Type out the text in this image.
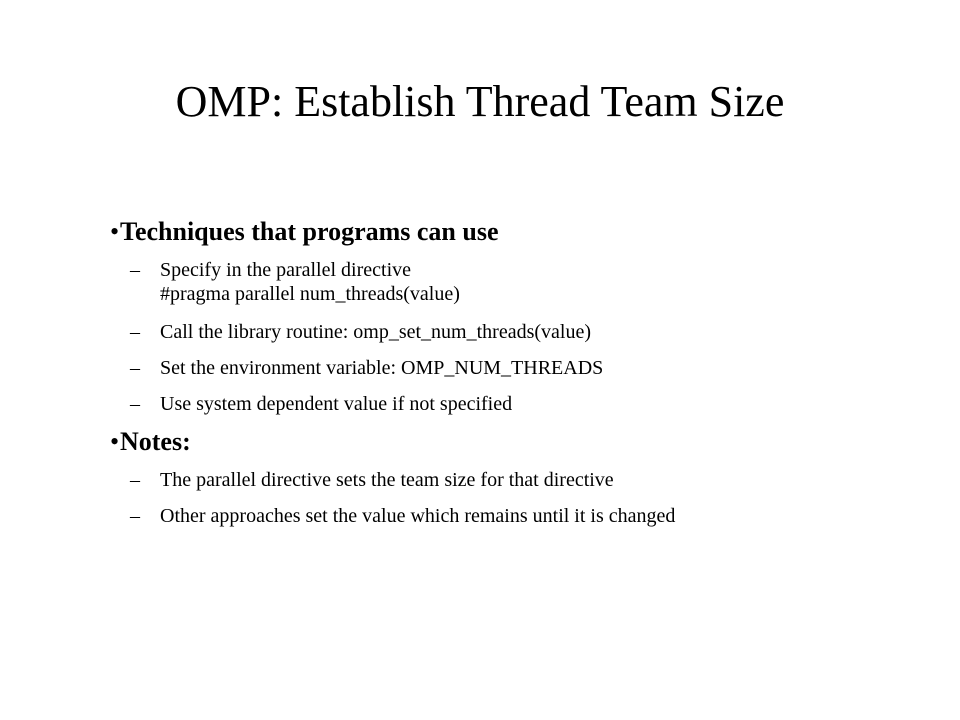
OMP: Establish Thread Team Size
• Techniques that programs can use
– Specify in the parallel directive
#pragma parallel num_threads(value)
– Call the library routine: omp_set_num_threads(value)
– Set the environment variable: OMP_NUM_THREADS
– Use system dependent value if not specified
• Notes:
– The parallel directive sets the team size for that directive
– Other approaches set the value which remains until it is changed
